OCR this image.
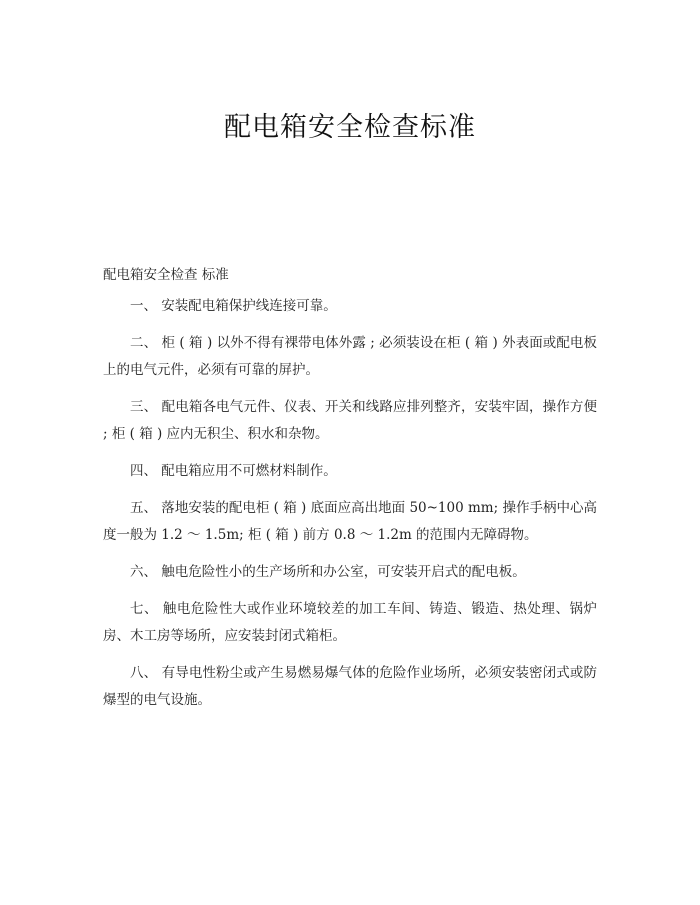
配电箱安全检查标准

配电箱安全检查 标准

一、 安装配电箱保护线连接可靠。

二、 柜 ( 箱 ) 以外不得有裸带电体外露 ; 必须装设在柜 ( 箱 ) 外表面或配电板上的电气元件，必须有可靠的屏护。

三、 配电箱各电气元件、仪表、开关和线路应排列整齐，安装牢固，操作方便 ; 柜 ( 箱 ) 应内无积尘、积水和杂物。

四、 配电箱应用不可燃材料制作。

五、 落地安装的配电柜 ( 箱 ) 底面应高出地面 50~100 mm; 操作手柄中心高度一般为 1.2 ～ 1.5m; 柜 ( 箱 ) 前方 0.8 ～ 1.2m 的范围内无障碍物。

六、 触电危险性小的生产场所和办公室，可安装开启式的配电板。

七、 触电危险性大或作业环境较差的加工车间、铸造、锻造、热处理、锅炉房、木工房等场所，应安装封闭式箱柜。

八、 有导电性粉尘或产生易燃易爆气体的危险作业场所，必须安装密闭式或防爆型的电气设施。
